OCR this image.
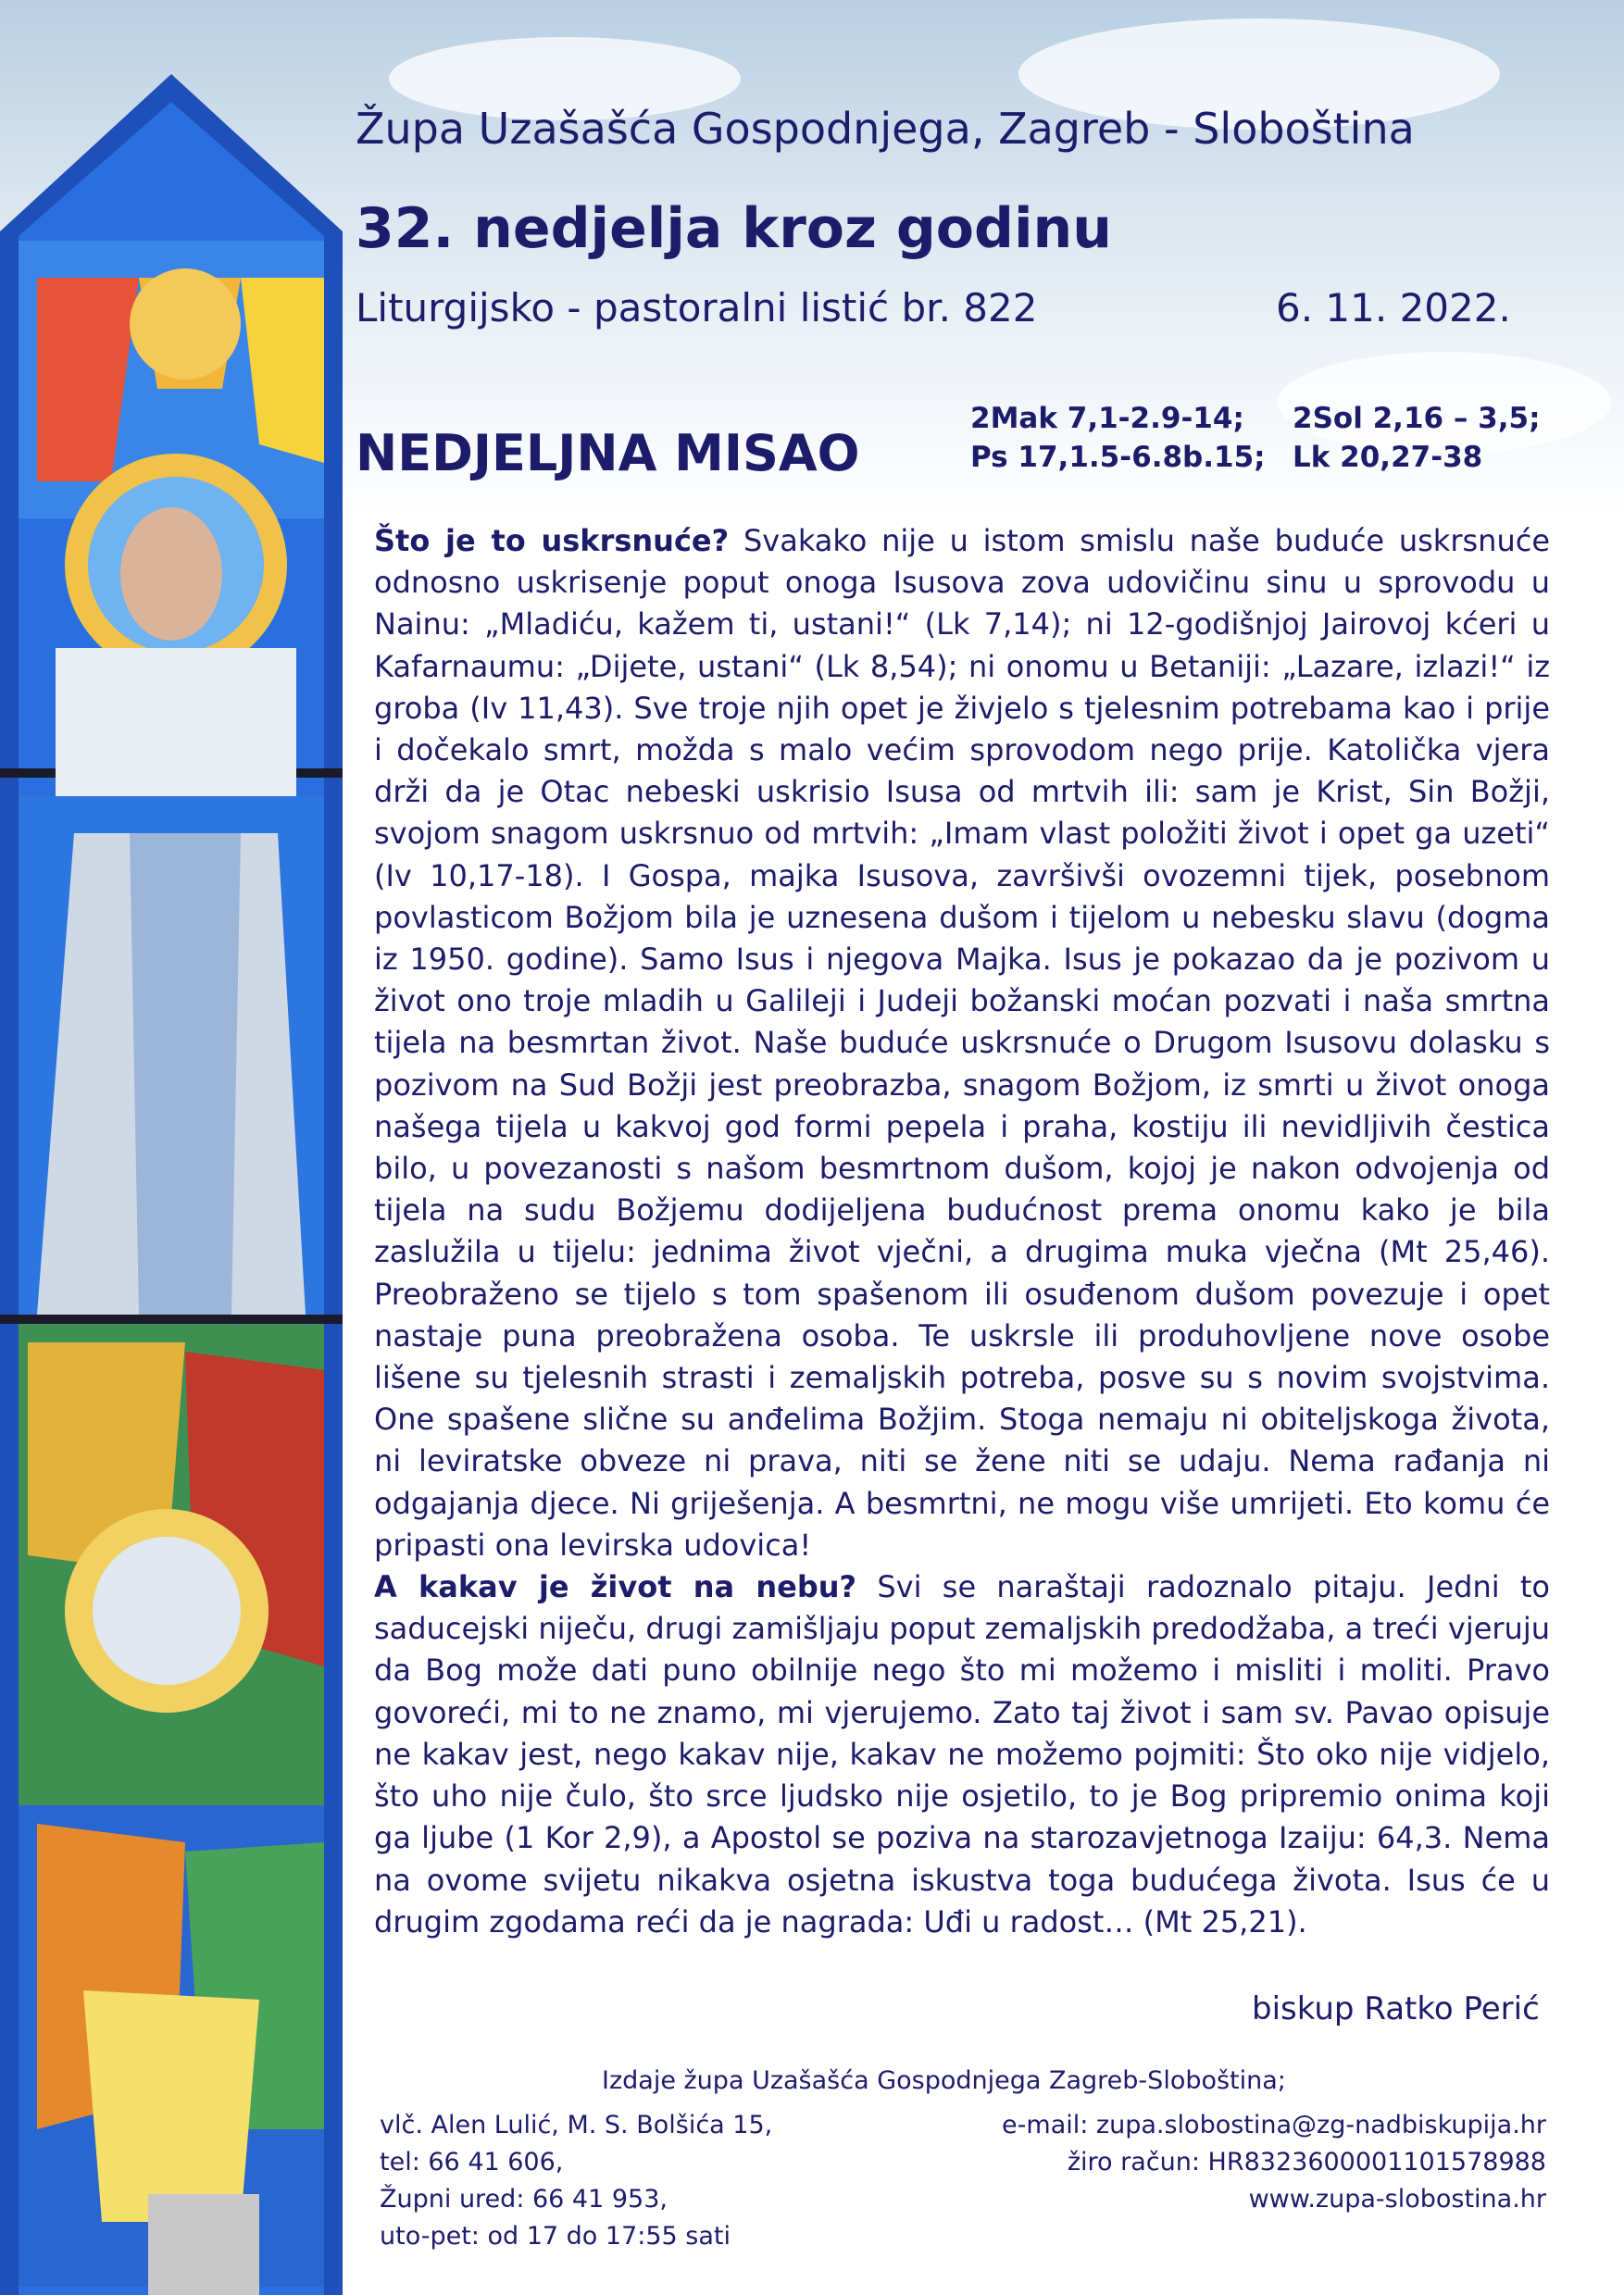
Župa Uzašašća Gospodnjega, Zagreb - Sloboština
32. nedjelja kroz godinu
Liturgijsko - pastoralni listić br. 822	6. 11. 2022.
NEDJELJNA MISAO
2Mak 7,1-2.9-14; 2Sol 2,16 – 3,5;
Ps 17,1.5-6.8b.15; Lk 20,27-38

Što je to uskrsnuće? Svakako nije u istom smislu naše buduće uskrsnuće odnosno uskrisenje poput onoga Isusova zova udovičinu sinu u sprovodu u Nainu: „Mladiću, kažem ti, ustani!“ (Lk 7,14); ni 12-godišnjoj Jairovoj kćeri u Kafarnaumu: „Dijete, ustani“ (Lk 8,54); ni onomu u Betaniji: „Lazare, izlazi!“ iz groba (Iv 11,43). Sve troje njih opet je živjelo s tjelesnim potrebama kao i prije i dočekalo smrt, možda s malo većim sprovodom nego prije. Katolička vjera drži da je Otac nebeski uskrisio Isusa od mrtvih ili: sam je Krist, Sin Božji, svojom snagom uskrsnuo od mrtvih: „Imam vlast položiti život i opet ga uzeti“ (Iv 10,17-18). I Gospa, majka Isusova, završivši ovozemni tijek, posebnom povlasticom Božjom bila je uznesena dušom i tijelom u nebesku slavu (dogma iz 1950. godine). Samo Isus i njegova Majka. Isus je pokazao da je pozivom u život ono troje mladih u Galileji i Judeji božanski moćan pozvati i naša smrtna tijela na besmrtan život. Naše buduće uskrsnuće o Drugom Isusovu dolasku s pozivom na Sud Božji jest preobrazba, snagom Božjom, iz smrti u život onoga našega tijela u kakvoj god formi pepela i praha, kostiju ili nevidljivih čestica bilo, u povezanosti s našom besmrtnom dušom, kojoj je nakon odvojenja od tijela na sudu Božjemu dodijeljena budućnost prema onomu kako je bila zaslužila u tijelu: jednima život vječni, a drugima muka vječna (Mt 25,46). Preobraženo se tijelo s tom spašenom ili osuđenom dušom povezuje i opet nastaje puna preobražena osoba. Te uskrsle ili produhovljene nove osobe lišene su tjelesnih strasti i zemaljskih potreba, posve su s novim svojstvima. One spašene slične su anđelima Božjim. Stoga nemaju ni obiteljskoga života, ni leviratske obveze ni prava, niti se žene niti se udaju. Nema rađanja ni odgajanja djece. Ni griješenja. A besmrtni, ne mogu više umrijeti. Eto komu će pripasti ona levirska udovica!

A kakav je život na nebu? Svi se naraštaji radoznalo pitaju. Jedni to saducejski niječu, drugi zamišljaju poput zemaljskih predodžaba, a treći vjeruju da Bog može dati puno obilnije nego što mi možemo i misliti i moliti. Pravo govoreći, mi to ne znamo, mi vjerujemo. Zato taj život i sam sv. Pavao opisuje ne kakav jest, nego kakav nije, kakav ne možemo pojmiti: Što oko nije vidjelo, što uho nije čulo, što srce ljudsko nije osjetilo, to je Bog pripremio onima koji ga ljube (1 Kor 2,9), a Apostol se poziva na starozavjetnoga Izaiju: 64,3. Nema na ovome svijetu nikakva osjetna iskustva toga budućega života. Isus će u drugim zgodama reći da je nagrada: Uđi u radost… (Mt 25,21).

biskup Ratko Perić
Izdaje župa Uzašašća Gospodnjega Zagreb-Sloboština;
vlč. Alen Lulić, M. S. Bolšića 15,
tel: 66 41 606,
Župni ured: 66 41 953,
uto-pet: od 17 do 17:55 sati
e-mail: zupa.slobostina@zg-nadbiskupija.hr
žiro račun: HR8323600001101578988
www.zupa-slobostina.hr
